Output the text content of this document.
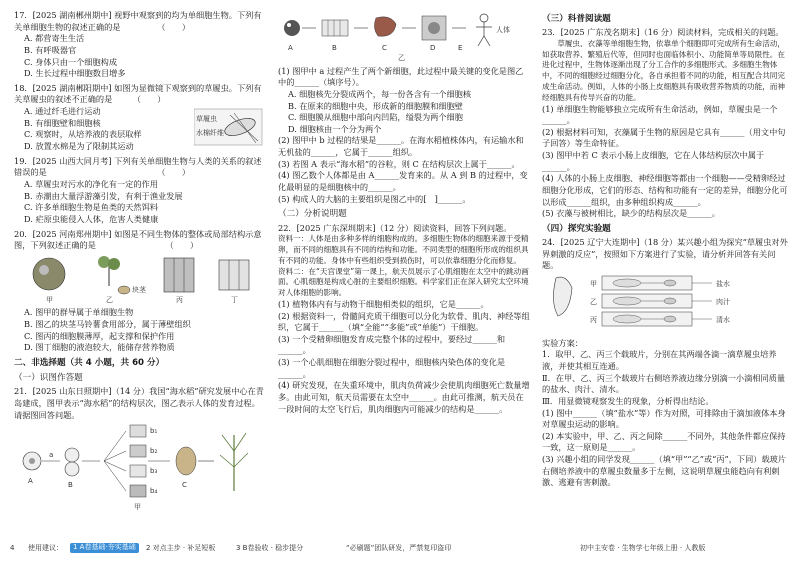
17．[2025 湖南郴州期中] 视野中观察到的均为单细胞生物。下列有关单细胞生物的叙述正确的是　　　　　（　　）

A. 都营寄生生活
B. 有呼吸器官
C. 身体只由一个细胞构成
D. 生长过程中细胞数目增多

18．[2025 湖南郴阳期中] 如图为显微镜下观察到的草履虫。下列有关草履虫的叙述不正确的是　　　（　　）

A. 通过纤毛进行运动
B. 有细胞壁和细胞核
C. 观察时，从培养液的表层取样
D. 放置水棉是为了限制其运动
草履虫
水棉纤维

19．[2025 山西大同月考] 下列有关单细胞生物与人类的关系的叙述错误的是　　　　　　　　　　　　　　（　　）

A. 草履虫对污水的净化有一定的作用
B. 赤潮由大量浮游藻引发，有利于渔业发展
C. 许多单细胞生物是鱼类的天然饵料
D. 疟原虫能侵入人体，危害人类健康

20．[2025 河南郑州期中] 如图是不同生物体的整体或局部结构示意图，下列叙述正确的是　　　　　　　　　（　　）

甲	乙	丙	丁
块茎
A. 图甲的群导属于单细胞生物
B. 图乙的块茎马铃薯食用部分，属于薄壁组织
C. 图丙的细胞膜薄厚，起支撑和保护作用
D. 图丁细胞的液泡较大，能储存营养物质
二、非选择题（共 4 小题，共 60 分）
（一）识图作答题

21．[2025 山东日照期中]（14 分）我国“海水稻”研究发展中心在青岛建成，图甲表示“海水稻”的结构层次，图乙表示人体的发育过程。请据图回答问题。

A	B	C
a
b₁
b₂
b₃
b₄
甲
A	B	C	D	E
乙
人体

(1) 图甲中 a 过程产生了两个新细胞，此过程中最关键的变化是图乙中的______（填序号）。

A. 细胞核先分裂成两个，每一份各含有一个细胞核
B. 在原来的细胞中央，形成新的细胞膜和细胞壁
C. 细胞膜从细胞中部向内凹陷，缢裂为两个细胞
D. 细胞核由一个分为两个

(2) 图甲中 b 过程的结果是______。在海水稻植株体内，有运输水和无机盐的______，它属于______组织。

(3) 若图 A 表示“海水稻”的谷粒，则 C 在结构层次上属于______。

(4) 图乙数个人体都是由 A______发育来的。从 A 到 B 的过程中，变化最明显的是细胞核中的______。

(5) 构成人的大脑的主要组织是图乙中的[　]______。

（二）分析说明题

22．[2025 广东深圳期末]（12 分）阅读资料，回答下列问题。

资料一：人体是由多种多样的细胞构成的。多细胞生物体的细胞来源于受精卵，而不同的细胞具有不同的结构和功能。不同类型的细胞所形成的组织具有不同的功能。身体中有些组织受到损伤时，可以依靠细胞分化而修复。

资料二：在“天宫课堂”第一课上，航天员展示了心肌细胞在太空中的跳动画面。心肌细胞是构成心脏的主要组织细胞。科学家们正在深入研究太空环境对人体细胞的影响。

(1) 植物体内有与动物干细胞相类似的组织，它是______。

(2) 根据资料一，骨髓间充质干细胞可以分化为软骨、肌肉、神经等组织，它属于______（填“全能”“多能”或“单能”）干细胞。

(3) 一个受精卵细胞发育成完整个体的过程中，要经过______和______。

(3) 一个心肌细胞在细胞分裂过程中，细胞核内染色体的变化是______。

(4) 研究发现，在失重环境中，肌肉负荷减少会使肌肉细胞死亡数量增多。由此可知，航天员需要在太空中______。由此可推测，航天员在一段时间的太空飞行后，肌肉细胞内可能减少的结构是______。

（三）科普阅读题

23．[2025 广东茂名期末]（16 分）阅读材料，完成相关的问题。

草履虫、衣藻等单细胞生物，依靠单个细胞即可完成所有生命活动，如获取营养、繁殖后代等，但同时也面临体积小、功能简单等局限性。在进化过程中，生物体逐渐出现了分工合作的多细胞形式。多细胞生物体中，不同的细胞经过细胞分化，各自承担着不同的功能，相互配合共同完成生命活动。例如，人体的小肠上皮细胞具有吸收营养物质的功能，而神经细胞具有传导兴奋的功能。

(1) 单细胞生物能够独立完成所有生命活动，例如，草履虫是一个______。

(2) 根据材料可知，衣藻属于生物的原因是它具有______（用文中句子回答）等生命特征。

(3) 图甲中若 C 表示小肠上皮细胞，它在人体结构层次中属于______。

(4) 人体的小肠上皮细胞、神经细胞等都由一个细胞——受精卵经过细胞分化形成，它们的形态、结构和功能有一定的差异，细胞分化可以形成______组织，由多种组织构成______。

(5) 衣藻与被树相比，缺少的结构层次是______。

（四）探究实验题

24．[2025 辽宁大连期中]（18 分）某兴趣小组为探究“草履虫对外界刺激的反应”，按照如下方案进行了实验，请分析并回答有关问题。

盐水
肉汁
清水
甲
乙
丙

实验方案：

1．取甲、乙、丙三个载玻片，分别在其两端各滴一滴草履虫培养液，并使其相互连通。

Ⅱ．在甲、乙、丙三个载玻片右侧培养液边缘分别滴一小滴相同质量的盐水、肉汁、清水。

Ⅲ．用显微镜观察发生的现象，分析得出结论。

(1) 图中______（填“盐水”等）作为对照，可排除由于滴加液体本身对草履虫运动的影响。

(2) 本实验中，甲、乙、丙之间除______不同外，其他条件都应保持一致，这一原则是______。

(3) 兴趣小组的同学发现______（填“甲”“乙”或“丙”，下同）载玻片右侧培养液中的草履虫数量多于左侧，这说明草履虫能趋向有利刺激、逃避有害刺激。

4 使用建议：	1 A卷基础·夯实基础	2 对点主步 · 补足短板	3 B卷验收 · 稳步提分	“必刷题”团队研发，严禁复印盗印	初中主安卷 · 生物学七年级上册 · 人教版
